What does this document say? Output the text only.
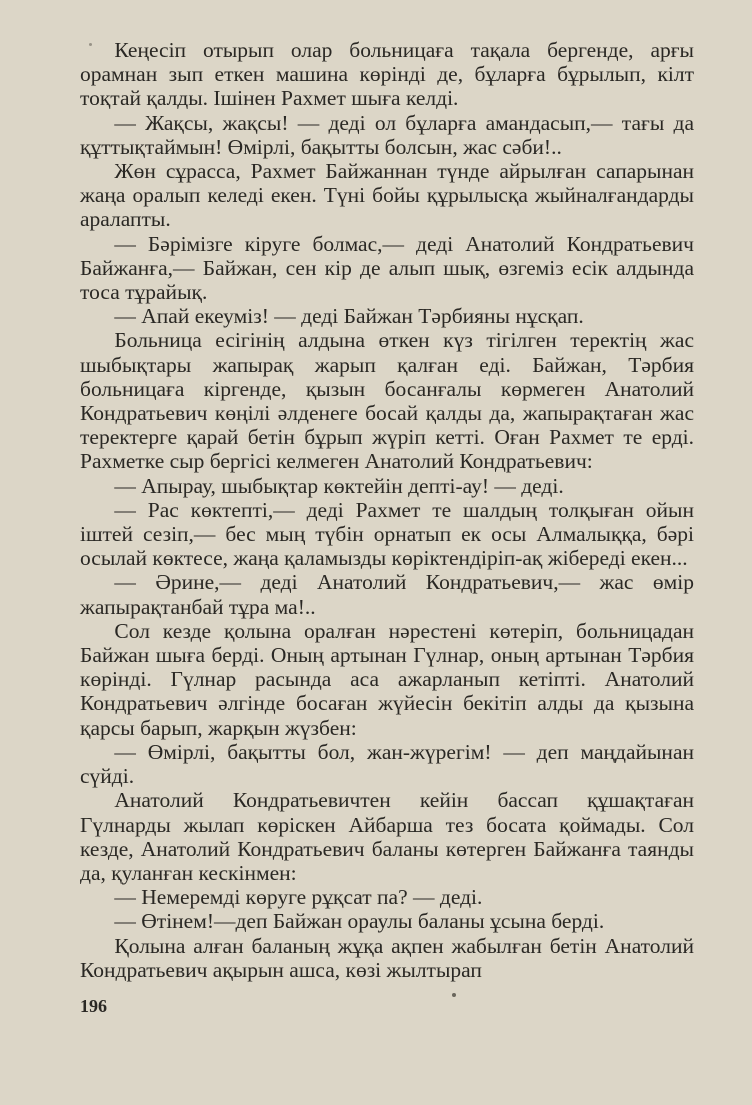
Кеңесіп отырып олар больницаға тақала бергенде, арғы орамнан зып еткен машина көрінді де, бұларға бұрылып, кілт тоқтай қалды. Ішінен Рахмет шыға келді.

— Жақсы, жақсы! — деді ол бұларға амандасып,— тағы да құттықтаймын! Өмірлі, бақытты болсын, жас сәби!..

Жөн сұрасса, Рахмет Байжаннан түнде айрылған сапарынан жаңа оралып келеді екен. Түні бойы құрылысқа жыйналғандарды аралапты.

— Бәрімізге кіруге болмас,— деді Анатолий Кондратьевич Байжанға,— Байжан, сен кір де алып шық, өзгеміз есік алдында тоса тұрайық.

— Апай екеуміз! — деді Байжан Тәрбияны нұсқап.

Больница есігінің алдына өткен күз тігілген теректің жас шыбықтары жапырақ жарып қалған еді. Байжан, Тәрбия больницаға кіргенде, қызын босанғалы көрмеген Анатолий Кондратьевич көңілі әлденеге босай қалды да, жапырақтаған жас теректерге қарай бетін бұрып жүріп кетті. Оған Рахмет те ерді. Рахметке сыр бергісі келмеген Анатолий Кондратьевич:

— Апырау, шыбықтар көктейін депті-ау! — деді.

— Рас көктепті,— деді Рахмет те шалдың толқыған ойын іштей сезіп,— бес мың түбін орнатып ек осы Алмалыққа, бәрі осылай көктесе, жаңа қаламызды көріктендіріп-ақ жібереді екен...

— Әрине,— деді Анатолий Кондратьевич,— жас өмір жапырақтанбай тұра ма!..

Сол кезде қолына оралған нәрестені көтеріп, больницадан Байжан шыға берді. Оның артынан Гүлнар, оның артынан Тәрбия көрінді. Гүлнар расында аса ажарланып кетіпті. Анатолий Кондратьевич әлгінде босаған жүйесін бекітіп алды да қызына қарсы барып, жарқын жүзбен:

— Өмірлі, бақытты бол, жан-жүрегім! — деп маңдайынан сүйді.

Анатолий Кондратьевичтен кейін бассап құшақтаған Гүлнарды жылап көріскен Айбарша тез босата қоймады. Сол кезде, Анатолий Кондратьевич баланы көтерген Байжанға таянды да, қуланған кескінмен:

— Немеремді көруге рұқсат па? — деді.

— Өтінем!—деп Байжан ораулы баланы ұсына берді.

Қолына алған баланың жұқа ақпен жабылған бетін Анатолий Кондратьевич ақырын ашса, көзі жылтырап

196
